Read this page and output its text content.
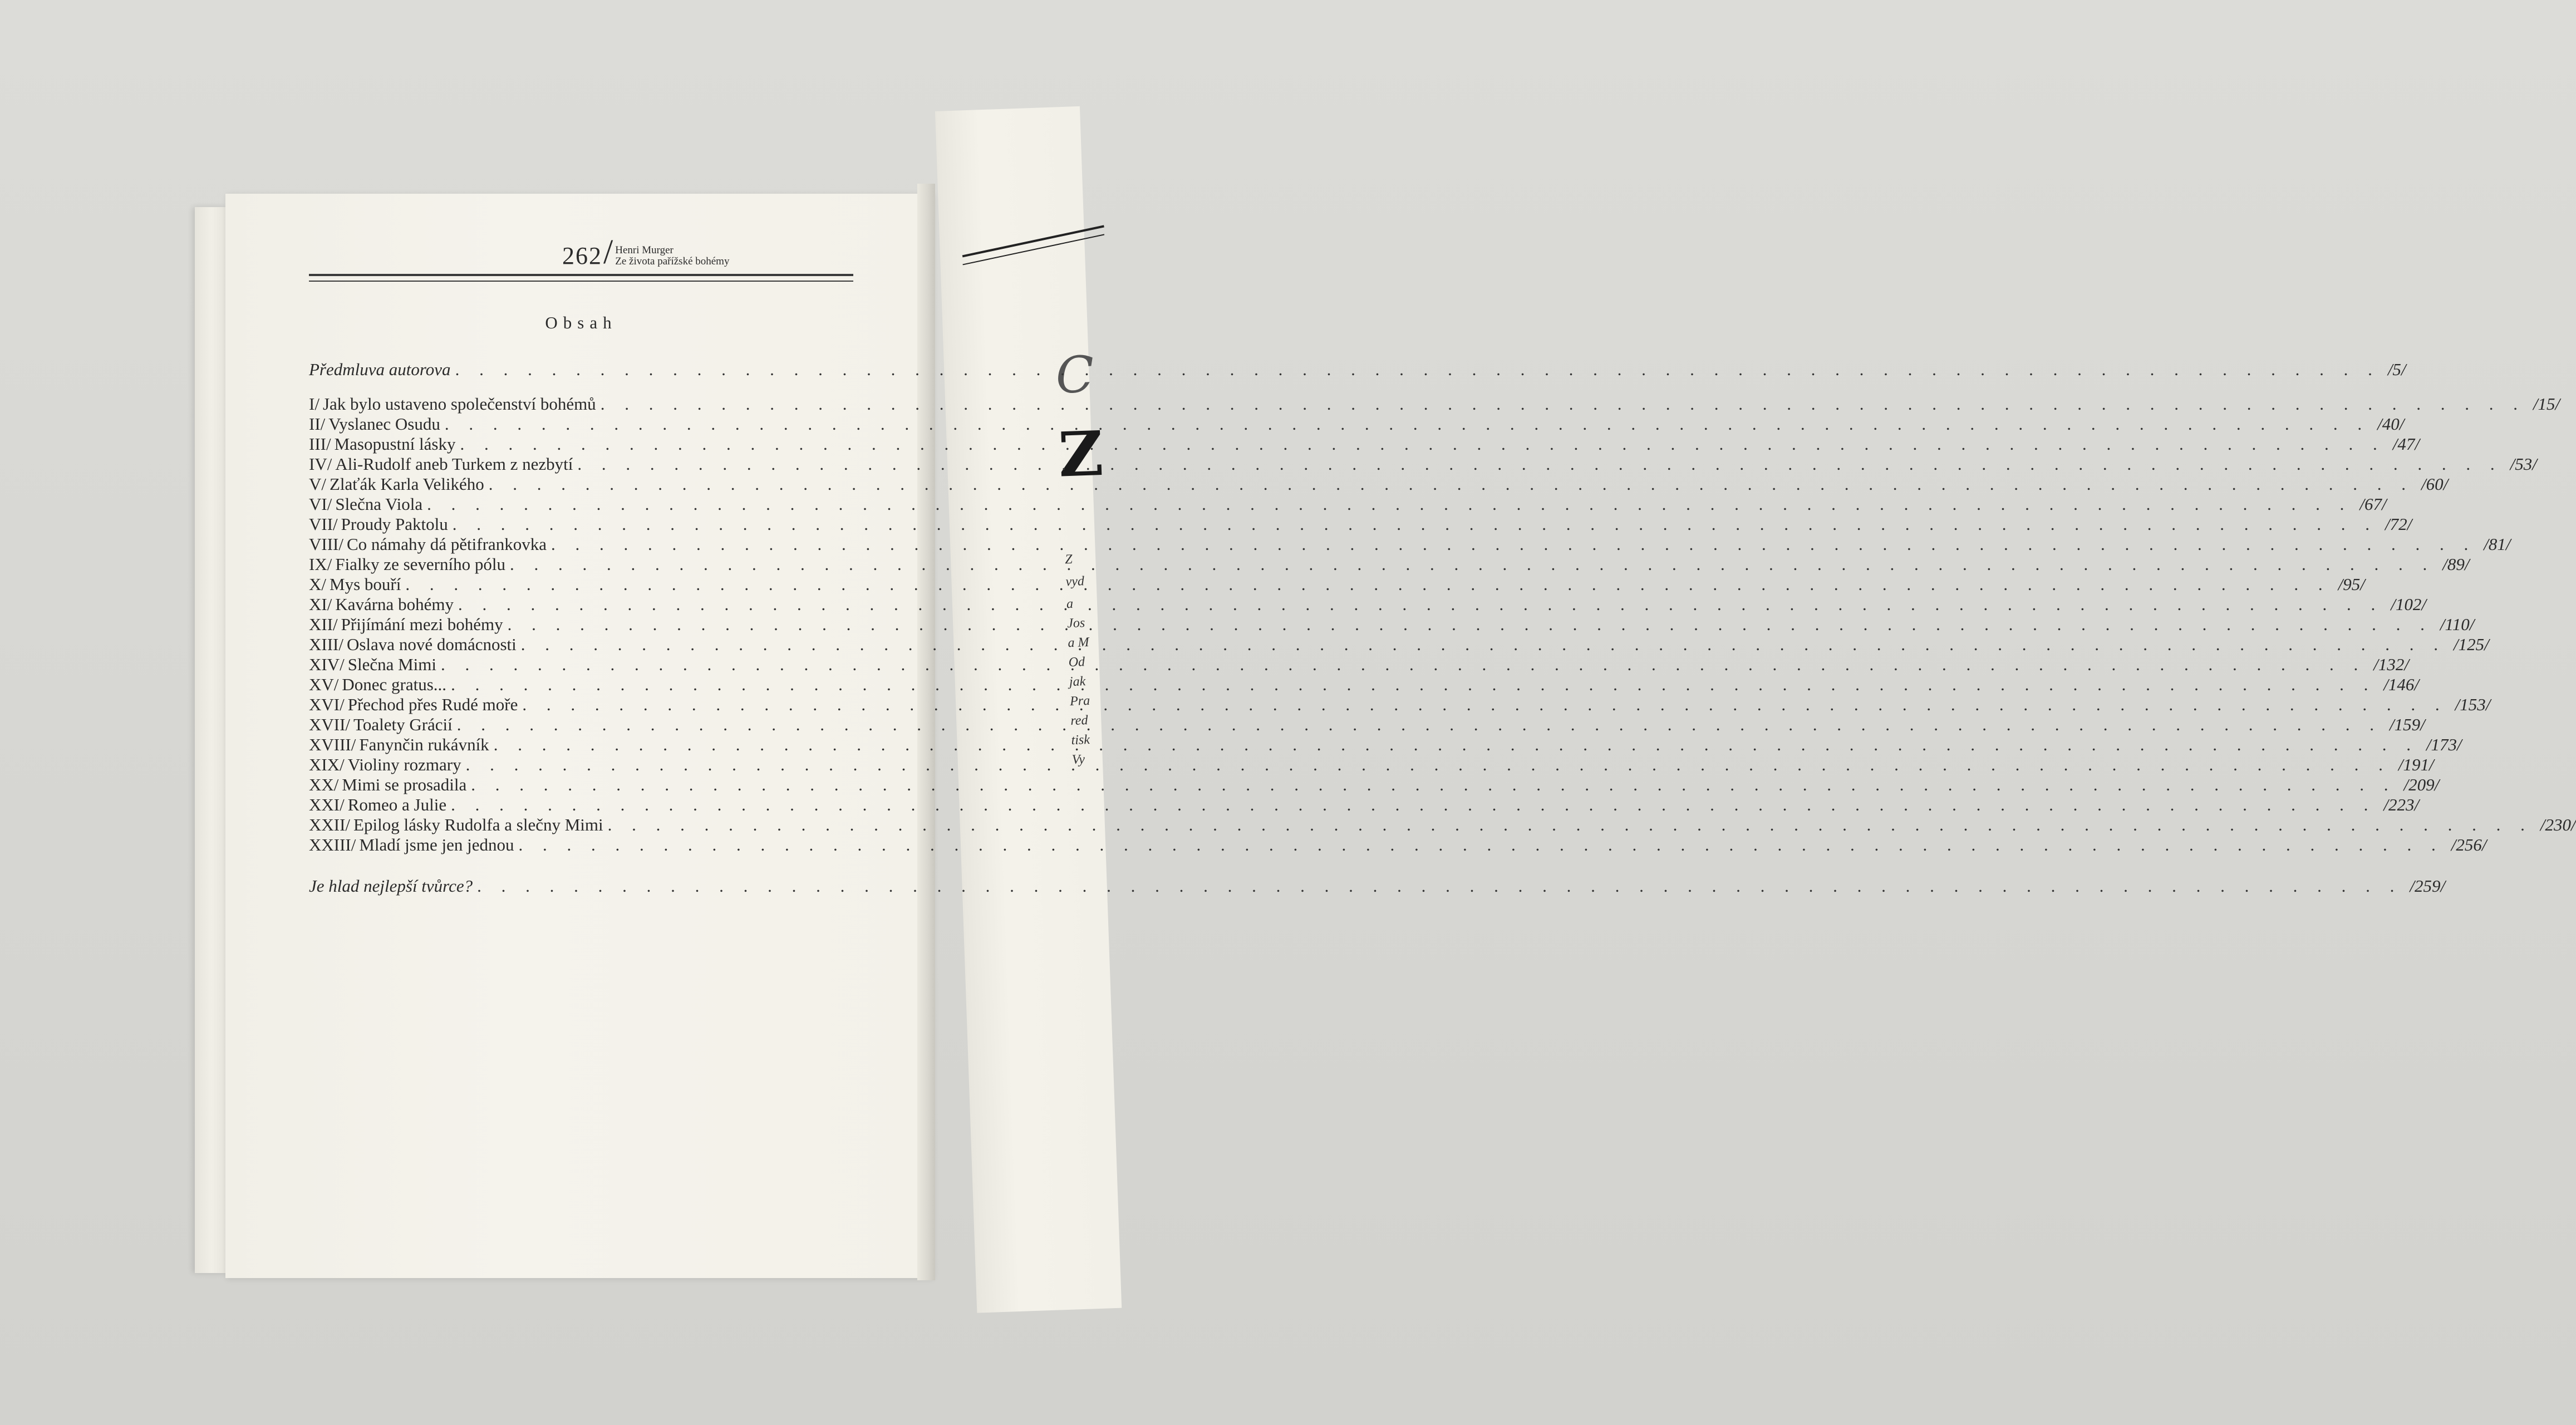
C
Z
Z
vyd
a
Jos
a M
Od
jak
Pra
red
tisk
Vy
262 / Henri Murger
Ze života pařížské bohémy
Obsah
Předmluva autorova . . .	/5/
I/ Jak bylo ustaveno společenství bohémů . . .	/15/
II/ Vyslanec Osudu . . .	/40/
III/ Masopustní lásky . . .	/47/
IV/ Ali-Rudolf aneb Turkem z nezbytí . . .	/53/
V/ Zlaťák Karla Velikého . . .	/60/
VI/ Slečna Viola . . .	/67/
VII/ Proudy Paktolu . . .	/72/
VIII/ Co námahy dá pětifrankovka . . .	/81/
IX/ Fialky ze severního pólu . . .	/89/
X/ Mys bouří . . .	/95/
XI/ Kavárna bohémy . . .	/102/
XII/ Přijímání mezi bohémy . . .	/110/
XIII/ Oslava nové domácnosti . . .	/125/
XIV/ Slečna Mimi . . .	/132/
XV/ Donec gratus... . . .	/146/
XVI/ Přechod přes Rudé moře . . .	/153/
XVII/ Toalety Grácií . . .	/159/
XVIII/ Fanynčin rukávník . . .	/173/
XIX/ Violiny rozmary . . .	/191/
XX/ Mimi se prosadila . . .	/209/
XXI/ Romeo a Julie . . .	/223/
XXII/ Epilog lásky Rudolfa a slečny Mimi . . .	/230/
XXIII/ Mladí jsme jen jednou . . .	/256/
Je hlad nejlepší tvůrce? . . .	/259/
